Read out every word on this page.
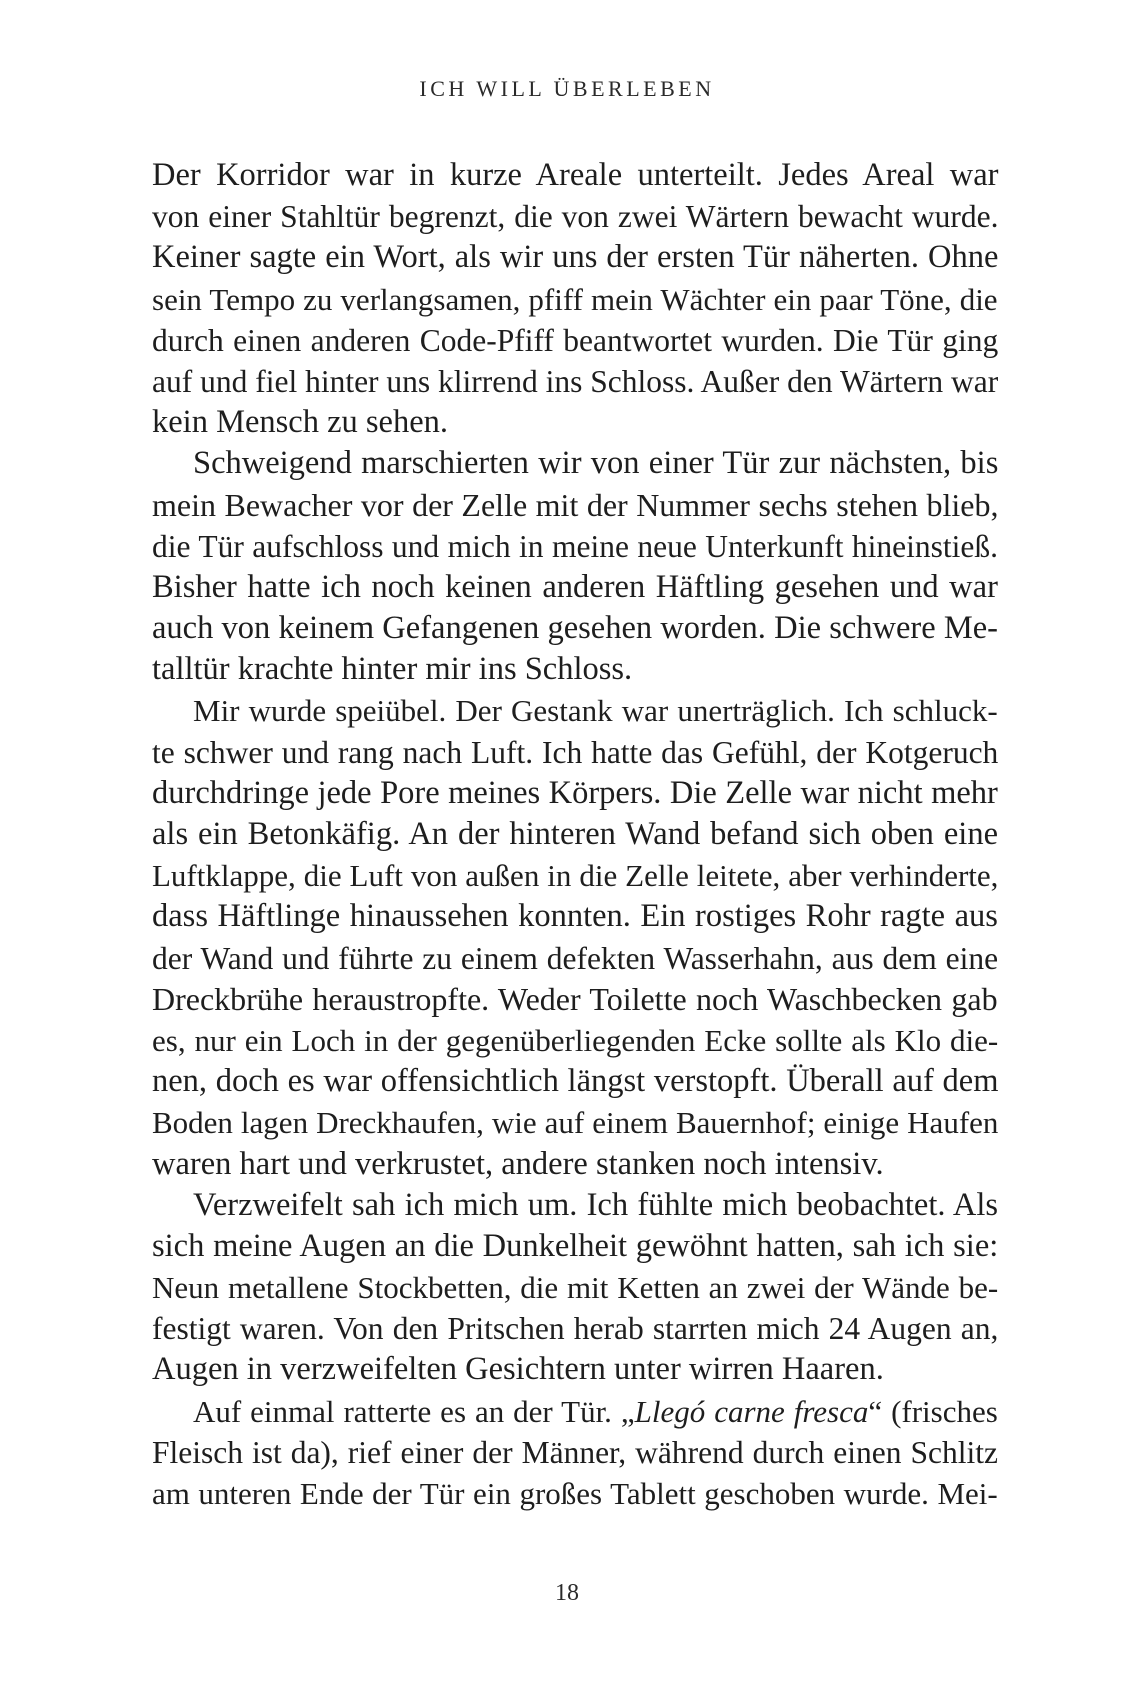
ICH WILL ÜBERLEBEN
Der Korridor war in kurze Areale unterteilt. Jedes Areal war
von einer Stahltür begrenzt, die von zwei Wärtern bewacht wurde.
Keiner sagte ein Wort, als wir uns der ersten Tür näherten. Ohne
sein Tempo zu verlangsamen, pfiff mein Wächter ein paar Töne, die
durch einen anderen Code-Pfiff beantwortet wurden. Die Tür ging
auf und fiel hinter uns klirrend ins Schloss. Außer den Wärtern war
kein Mensch zu sehen.
Schweigend marschierten wir von einer Tür zur nächsten, bis
mein Bewacher vor der Zelle mit der Nummer sechs stehen blieb,
die Tür aufschloss und mich in meine neue Unterkunft hineinstieß.
Bisher hatte ich noch keinen anderen Häftling gesehen und war
auch von keinem Gefangenen gesehen worden. Die schwere Me-
talltür krachte hinter mir ins Schloss.
Mir wurde speiübel. Der Gestank war unerträglich. Ich schluck-
te schwer und rang nach Luft. Ich hatte das Gefühl, der Kotgeruch
durchdringe jede Pore meines Körpers. Die Zelle war nicht mehr
als ein Betonkäfig. An der hinteren Wand befand sich oben eine
Luftklappe, die Luft von außen in die Zelle leitete, aber verhinderte,
dass Häftlinge hinaussehen konnten. Ein rostiges Rohr ragte aus
der Wand und führte zu einem defekten Wasserhahn, aus dem eine
Dreckbrühe heraustropfte. Weder Toilette noch Waschbecken gab
es, nur ein Loch in der gegenüberliegenden Ecke sollte als Klo die-
nen, doch es war offensichtlich längst verstopft. Überall auf dem
Boden lagen Dreckhaufen, wie auf einem Bauernhof; einige Haufen
waren hart und verkrustet, andere stanken noch intensiv.
Verzweifelt sah ich mich um. Ich fühlte mich beobachtet. Als
sich meine Augen an die Dunkelheit gewöhnt hatten, sah ich sie:
Neun metallene Stockbetten, die mit Ketten an zwei der Wände be-
festigt waren. Von den Pritschen herab starrten mich 24 Augen an,
Augen in verzweifelten Gesichtern unter wirren Haaren.
Auf einmal ratterte es an der Tür. „Llegó carne fresca“ (frisches
Fleisch ist da), rief einer der Männer, während durch einen Schlitz
am unteren Ende der Tür ein großes Tablett geschoben wurde. Mei-
18
